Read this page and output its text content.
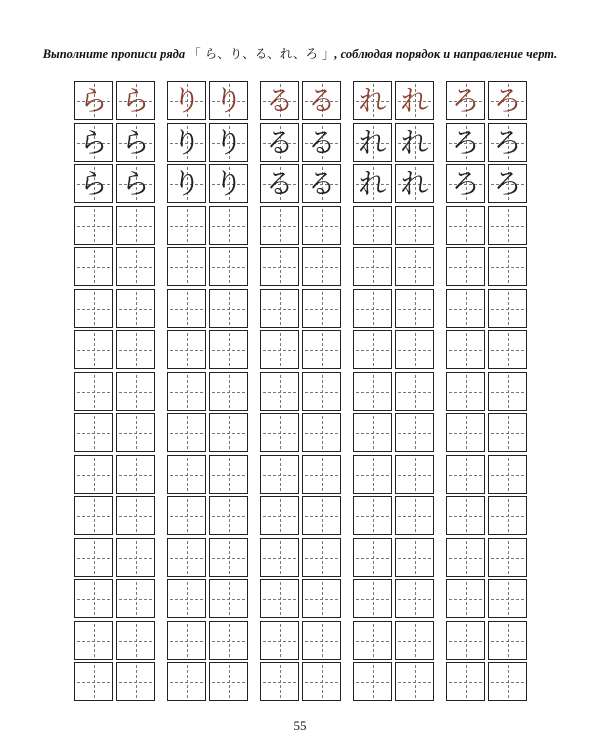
Выполните прописи ряда 「 ら、り、る、れ、ろ 」, соблюдая порядок и направление черт.
ら ら り り る る れ れ ろ ろ
ら ら り り る る れ れ ろ ろ
ら ら り り る る れ れ ろ ろ
55
